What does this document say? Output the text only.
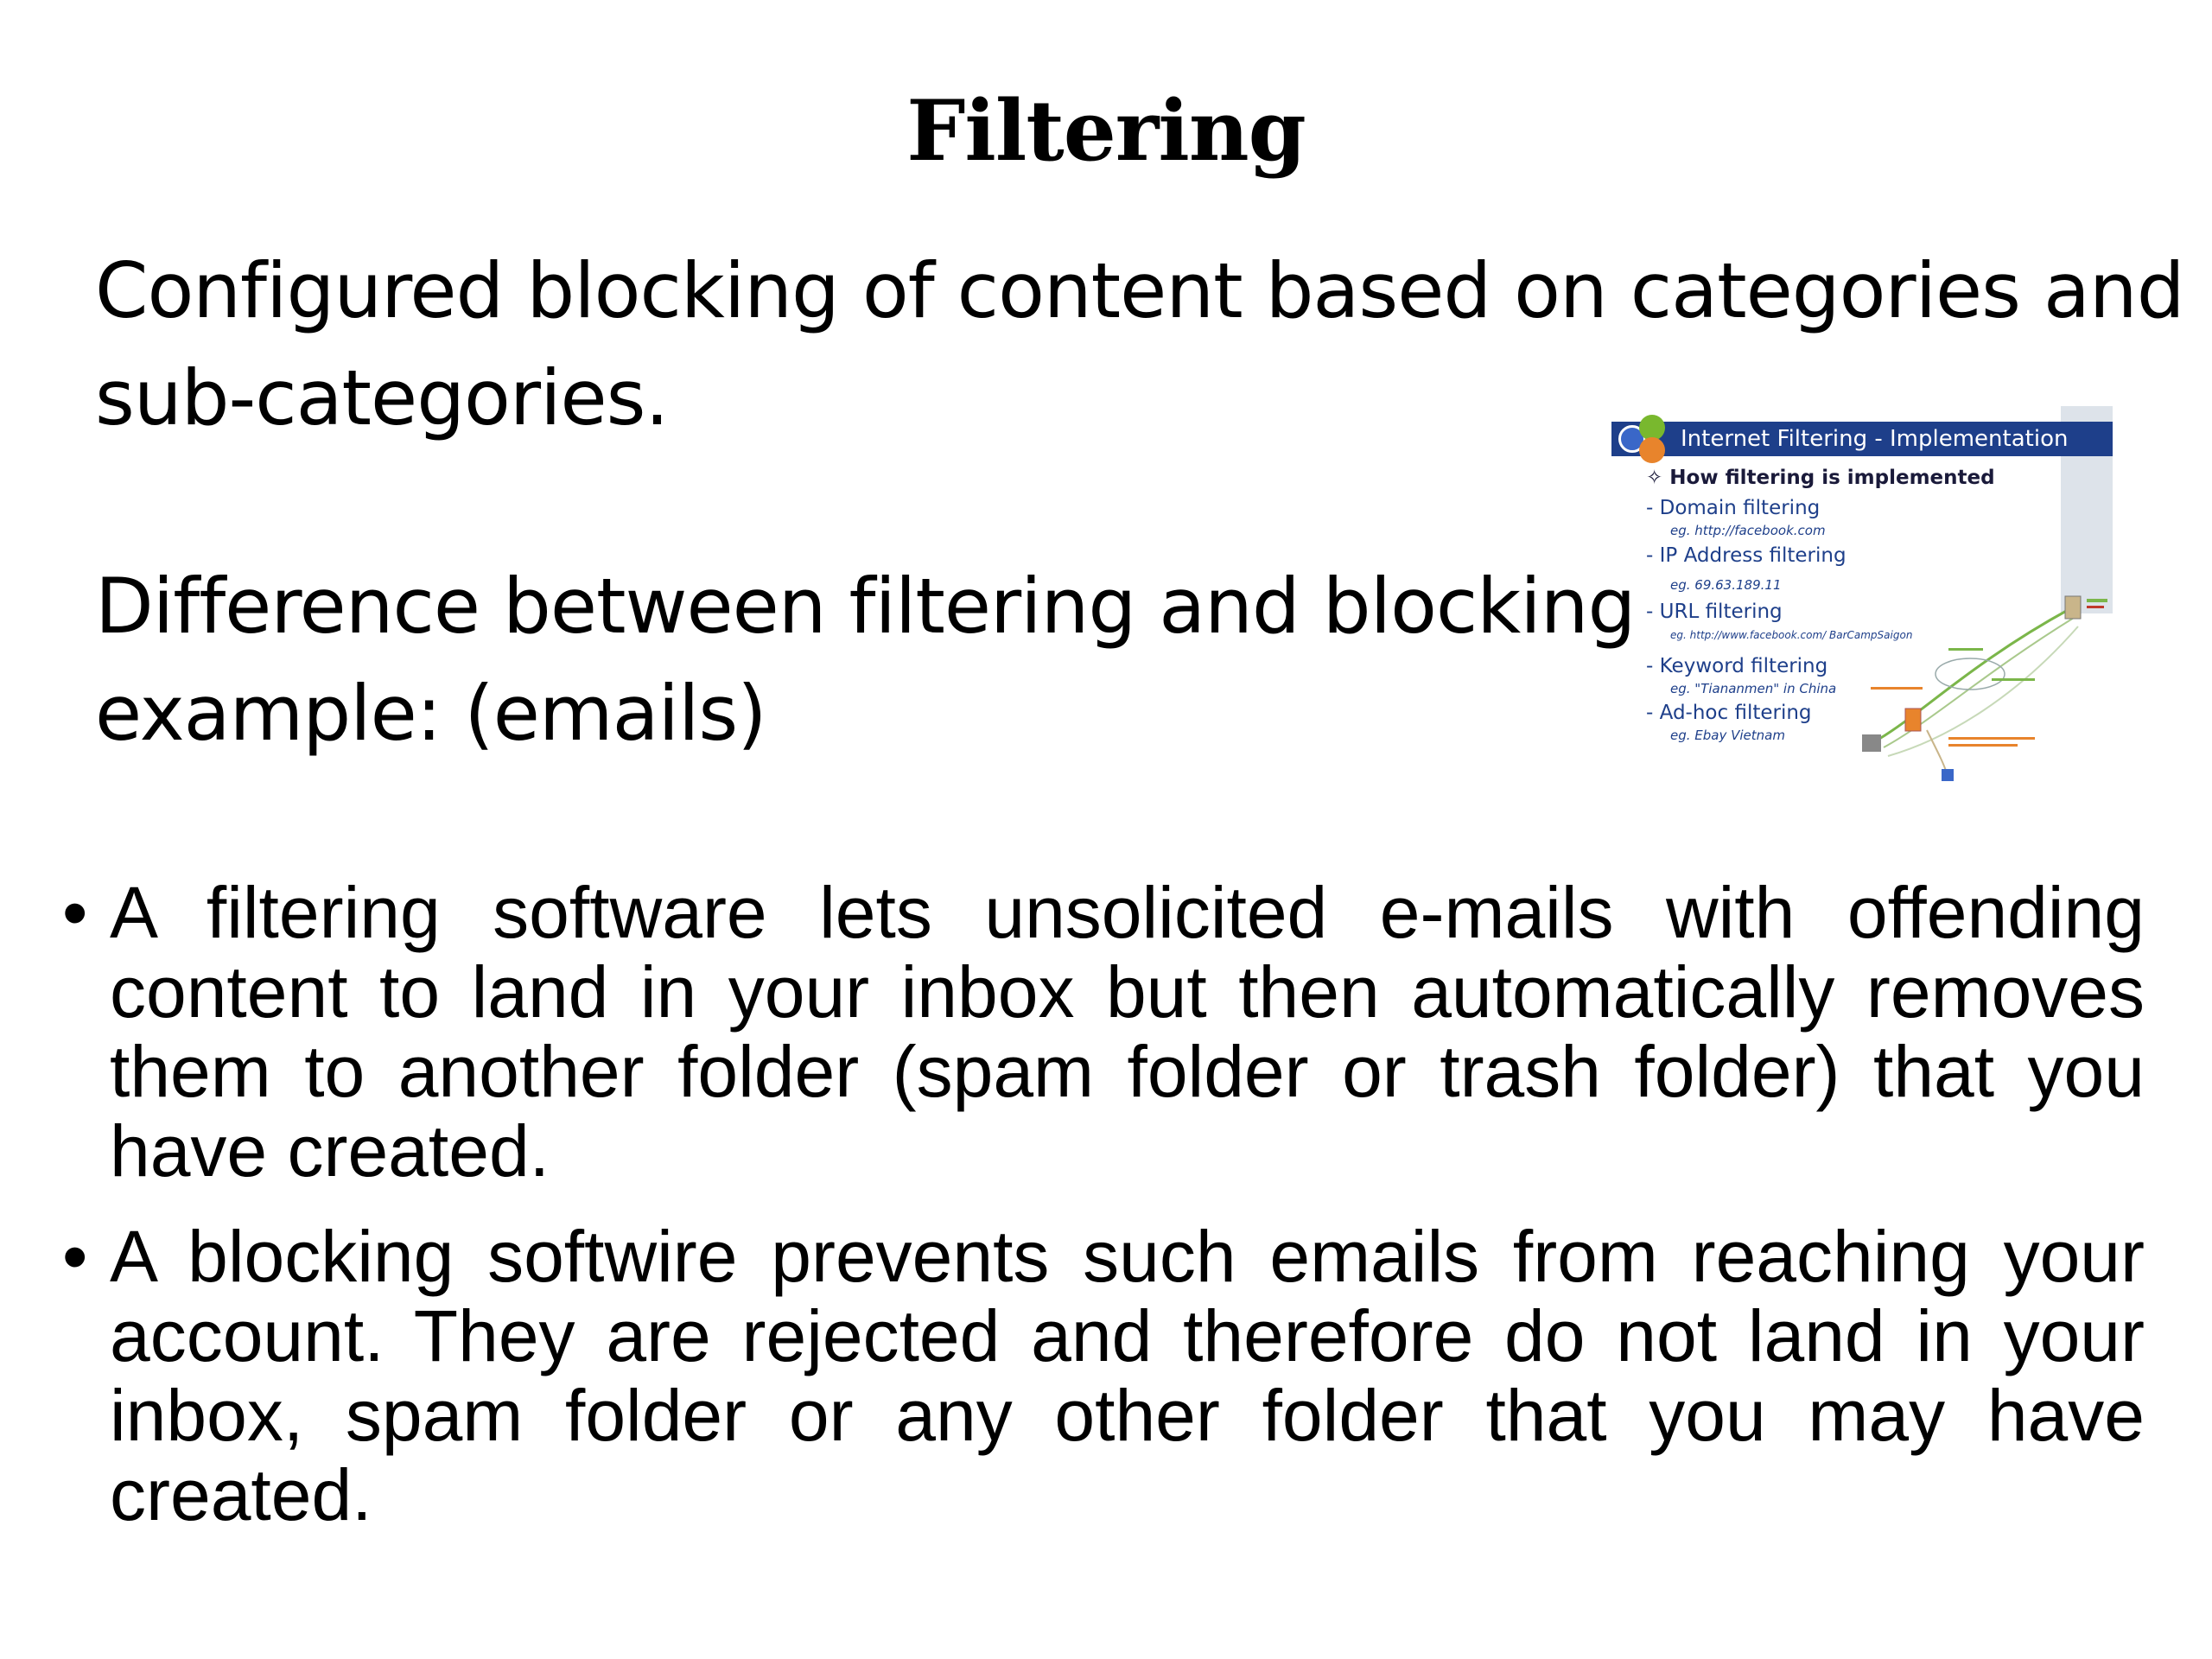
Filtering
Configured blocking of content based on categories and
sub-categories.
Difference between filtering and blocking
example: (emails)
Internet Filtering - Implementation
✧ How filtering is implemented
- Domain filtering
eg. http://facebook.com
- IP Address filtering
eg. 69.63.189.11
- URL filtering
eg. http://www.facebook.com/ BarCampSaigon
- Keyword filtering
eg. "Tiananmen" in China
- Ad-hoc filtering
eg. Ebay Vietnam
• A filtering software lets unsolicited e-mails with offending content to land in your inbox but then automatically removes them to another folder (spam folder or trash folder) that you have created.
• A blocking softwire prevents such emails from reaching your account. They are rejected and therefore do not land in your inbox, spam folder or any other folder that you may have created.
